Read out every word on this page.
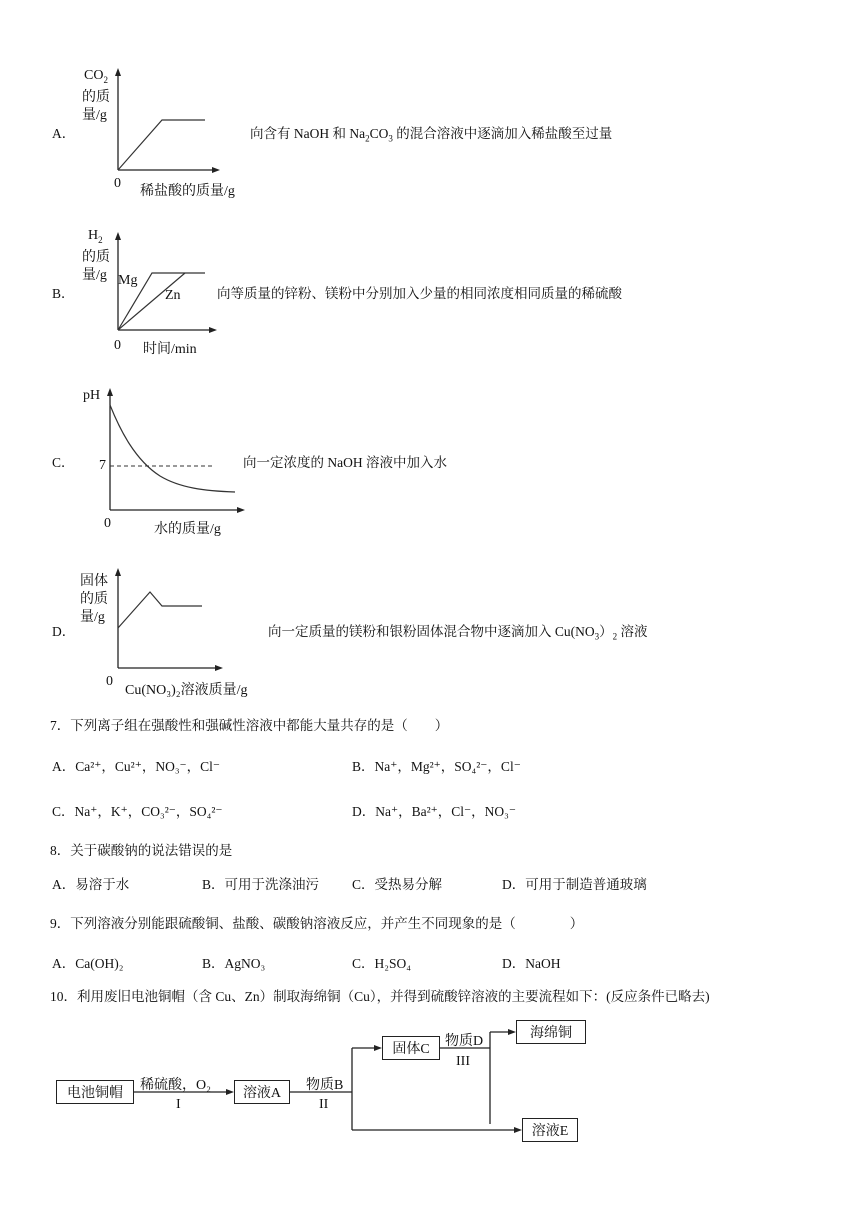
A．
$CO_2$
的质
量/g
0
稀盐酸的质量/g
向含有 NaOH 和 $Na_2CO_3$ 的混合溶液中逐滴加入稀盐酸至过量
B．
$H_2$
的质
量/g Mg
Zn
0 时间/min
向等质量的锌粉、镁粉中分别加入少量的相同浓度相同质量的稀硫酸
C．
pH
7
0	水的质量/g
向一定浓度的 NaOH 溶液中加入水
D．
固体
的质
量/g
0
Cu(NO₃)₂溶液质量/g
向一定质量的镁粉和银粉固体混合物中逐滴加入 $Cu(NO_3)_2$ 溶液
7．下列离子组在强酸性和强碱性溶液中都能大量共存的是（　　）
A．Ca²⁺，Cu²⁺，NO₃⁻，Cl⁻	B．Na⁺，Mg²⁺，SO₄²⁻，Cl⁻
C．Na⁺，K⁺，CO₃²⁻，SO₄²⁻	D．Na⁺，Ba²⁺，Cl⁻，NO₃⁻
8．关于碳酸钠的说法错误的是
A．易溶于水	B．可用于洗涤油污 C．受热易分解	D．可用于制造普通玻璃
9．下列溶液分别能跟硫酸铜、盐酸、碳酸钠溶液反应，并产生不同现象的是（　　　　）
A．Ca(OH)₂	B．AgNO₃	C．H₂SO₄	D．NaOH
10．利用废旧电池铜帽（含 Cu、Zn）制取海绵铜（Cu），并得到硫酸锌溶液的主要流程如下：(反应条件已略去)
电池铜帽
稀硫酸，O₂
I
溶液A
物质B
II
固体C
物质D
III
海绵铜
溶液E
